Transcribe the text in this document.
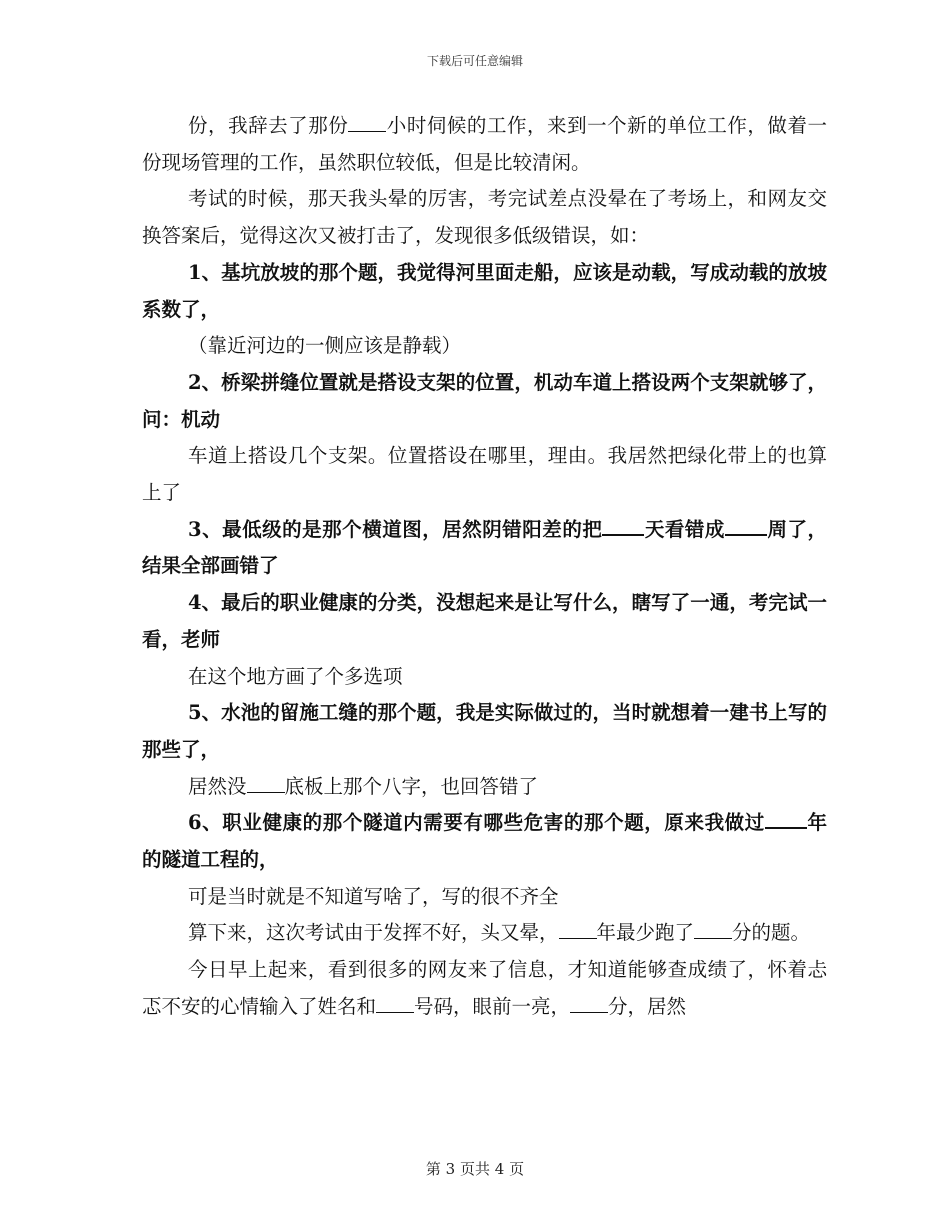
下载后可任意编辑

份，我辞去了那份 小时伺候的工作，来到一个新的单位工作，做着一份现场管理的工作，虽然职位较低，但是比较清闲。

考试的时候，那天我头晕的厉害，考完试差点没晕在了考场上，和网友交换答案后，觉得这次又被打击了，发现很多低级错误，如：

1、基坑放坡的那个题，我觉得河里面走船，应该是动载，写成动载的放坡系数了，

（靠近河边的一侧应该是静载）

2、桥梁拼缝位置就是搭设支架的位置，机动车道上搭设两个支架就够了，问：机动

车道上搭设几个支架。位置搭设在哪里，理由。我居然把绿化带上的也算上了

3、最低级的是那个横道图，居然阴错阳差的把 天看错成 周了，结果全部画错了

4、最后的职业健康的分类，没想起来是让写什么，瞎写了一通，考完试一看，老师

在这个地方画了个多选项

5、水池的留施工缝的那个题，我是实际做过的，当时就想着一建书上写的那些了，

居然没 底板上那个八字，也回答错了

6、职业健康的那个隧道内需要有哪些危害的那个题，原来我做过 年的隧道工程的，

可是当时就是不知道写啥了，写的很不齐全

算下来，这次考试由于发挥不好，头又晕， 年最少跑了 分的题。

今日早上起来，看到很多的网友来了信息，才知道能够查成绩了，怀着忐忑不安的心情输入了姓名和 号码，眼前一亮， 分，居然

第 3 页共 4 页
